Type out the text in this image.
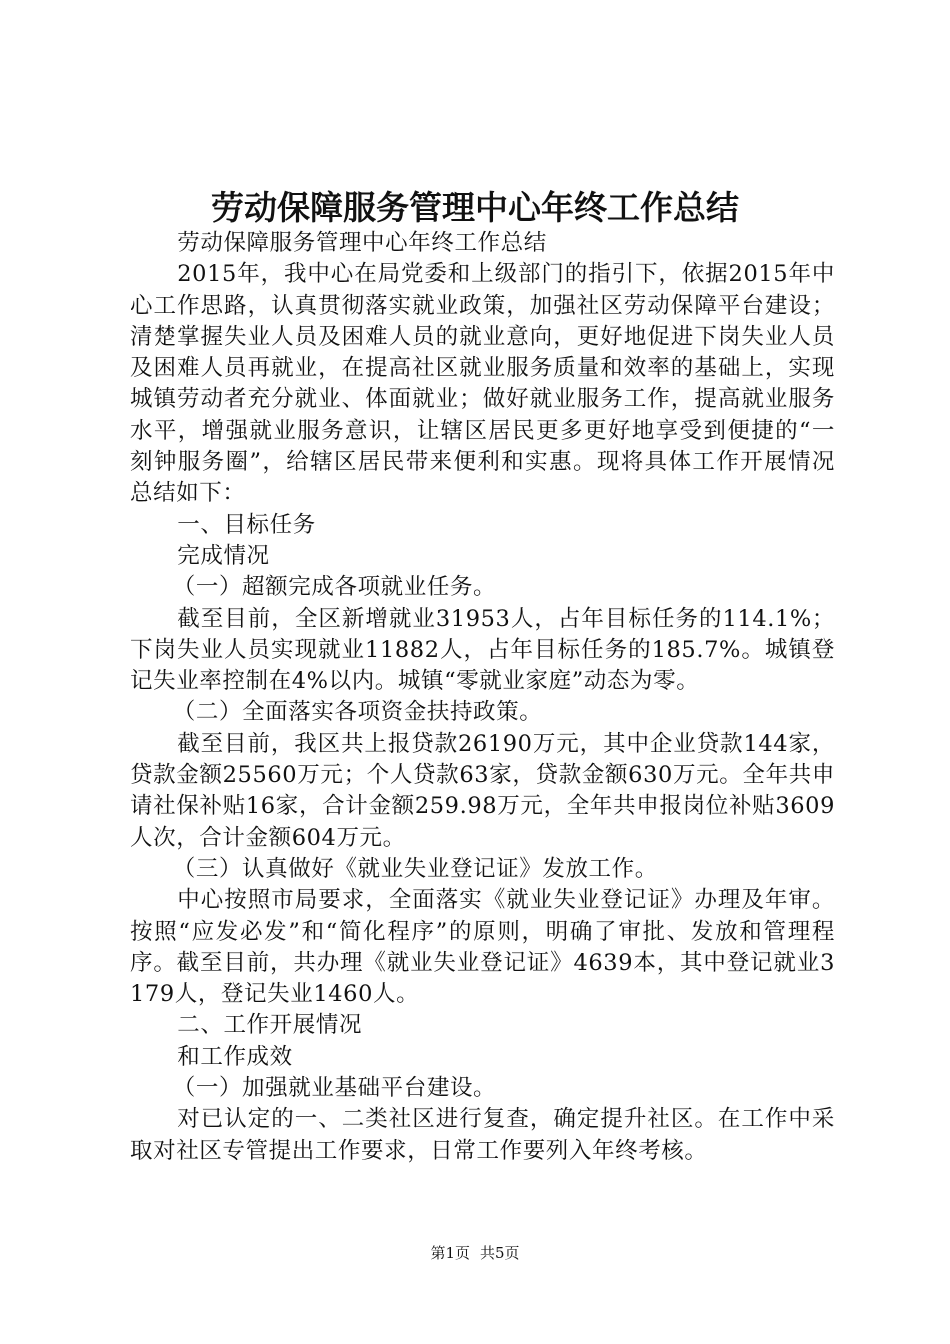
劳动保障服务管理中心年终工作总结

劳动保障服务管理中心年终工作总结

2015年，我中心在局党委和上级部门的指引下，依据2015年中心工作思路，认真贯彻落实就业政策，加强社区劳动保障平台建设；清楚掌握失业人员及困难人员的就业意向，更好地促进下岗失业人员及困难人员再就业，在提高社区就业服务质量和效率的基础上，实现城镇劳动者充分就业、体面就业；做好就业服务工作，提高就业服务水平，增强就业服务意识，让辖区居民更多更好地享受到便捷的“一刻钟服务圈”，给辖区居民带来便利和实惠。现将具体工作开展情况总结如下：

一、目标任务

完成情况

（一）超额完成各项就业任务。

截至目前，全区新增就业31953人，占年目标任务的114.1%；下岗失业人员实现就业11882人，占年目标任务的185.7%。城镇登记失业率控制在4%以内。城镇“零就业家庭”动态为零。

（二）全面落实各项资金扶持政策。

截至目前，我区共上报贷款26190万元，其中企业贷款144家，贷款金额25560万元；个人贷款63家，贷款金额630万元。全年共申请社保补贴16家，合计金额259.98万元，全年共申报岗位补贴3609人次，合计金额604万元。

（三）认真做好《就业失业登记证》发放工作。

中心按照市局要求，全面落实《就业失业登记证》办理及年审。按照“应发必发”和“简化程序”的原则，明确了审批、发放和管理程序。截至目前，共办理《就业失业登记证》4639本，其中登记就业3179人，登记失业1460人。

二、工作开展情况

和工作成效

（一）加强就业基础平台建设。

对已认定的一、二类社区进行复查，确定提升社区。在工作中采取对社区专管提出工作要求，日常工作要列入年终考核。

第1页 共5页
